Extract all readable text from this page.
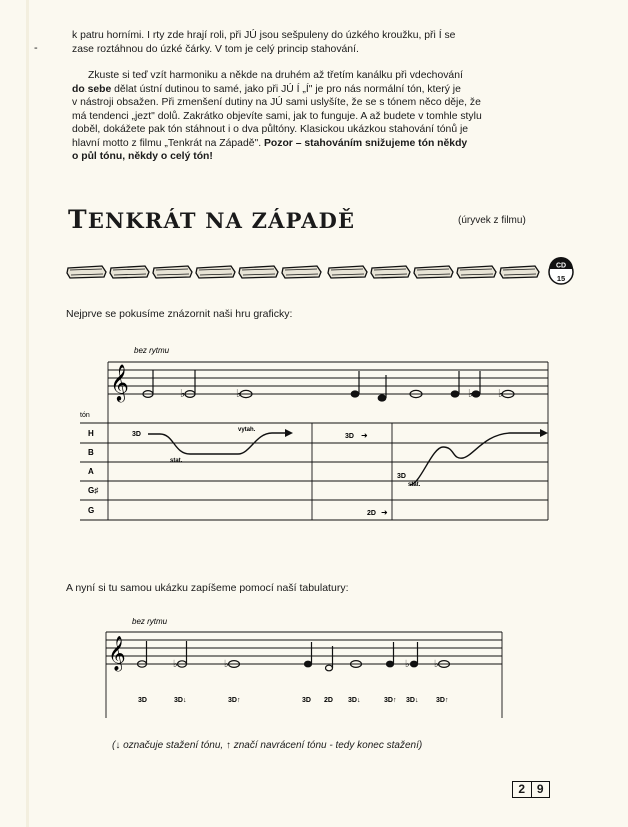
-
k patru horními. I rty zde hrají roli, při JÚ jsou sešpuleny do úzkého kroužku, při Í se
zase roztáhnou do úzké čárky. V tom je celý princip stahování.
Zkuste si teď vzít harmoniku a někde na druhém až třetím kanálku při vdechování
do sebe dělat ústní dutinou to samé, jako při JÚ Í „Í" je pro nás normální tón, který je
v nástroji obsažen. Při zmenšení dutiny na JÚ sami uslyšíte, že se s tónem něco děje, že
má tendenci „jezt" dolů. Zakrátko objevíte sami, jak to funguje. A až budete v tomhle stylu
doběl, dokážete pak tón stáhnout i o dva půltóny. Klasickou ukázkou stahování tónů je
hlavní motto z filmu „Tenkrát na Západě". Pozor – stahováním snižujeme tón někdy
o půl tónu, někdy o celý tón!
TENKRÁT NA ZÁPADĚ	(úryvek z filmu)
CD
15
Nejprve se pokusíme znázornit naši hru graficky:
bez rytmu
𝄞	♭	♭	♭ ♭
tón
H
B
A
G♯
G
3D
stat.
vytah.
3D
3D
stat.
2D
➜
➜
A nyní si tu samou ukázku zapíšeme pomocí naší tabulatury:
bez rytmu
𝄞	♭	♭	♭ ♭
3D	3D↓	3D↑	3D 2D 3D↓	3D↑ 3D↓	3D↑
(↓ označuje stažení tónu, ↑ značí navrácení tónu - tedy konec stažení)
2 9
